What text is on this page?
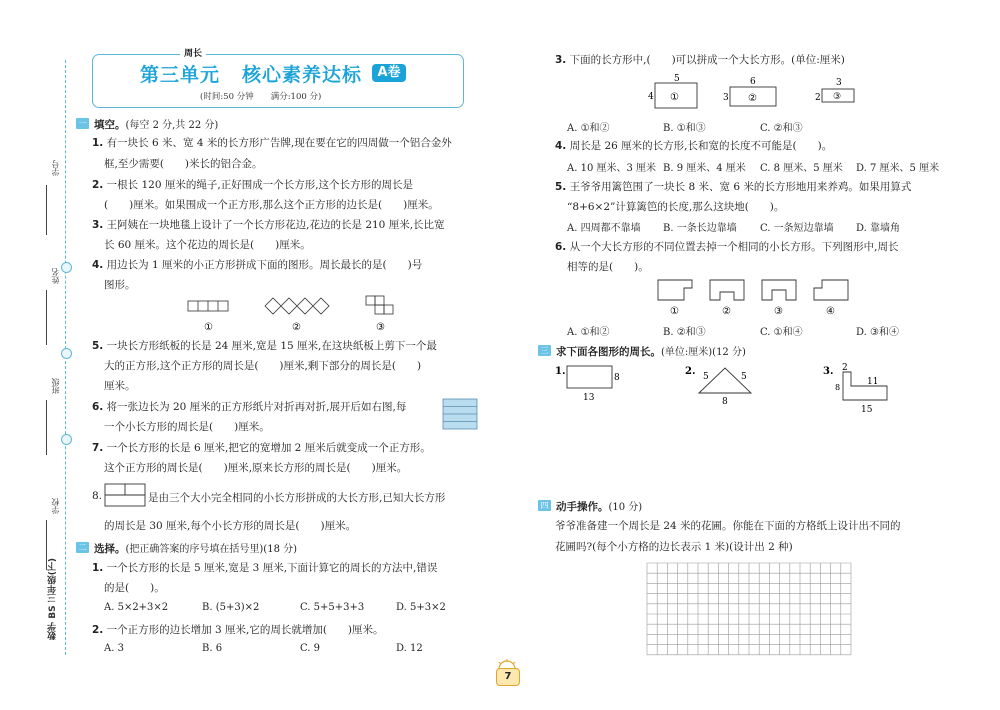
学号
姓名
班级
学校
数学 BS 三年级(下)
周长
第三单元 核心素养达标	A卷
(时间:50 分钟　　满分:100 分)
一 填空。(每空 2 分,共 22 分)
1. 有一块长 6 米、宽 4 米的长方形广告牌,现在要在它的四周做一个铝合金外
框,至少需要(　　)米长的铝合金。
2. 一根长 120 厘米的绳子,正好围成一个长方形,这个长方形的周长是
(　　)厘米。如果围成一个正方形,那么这个正方形的边长是(　　)厘米。
3. 王阿姨在一块地毯上设计了一个长方形花边,花边的长是 210 厘米,长比宽
长 60 厘米。这个花边的周长是(　　)厘米。
4. 用边长为 1 厘米的小正方形拼成下面的图形。周长最长的是(　　)号
图形。
①	②	③
5. 一块长方形纸板的长是 24 厘米,宽是 15 厘米,在这块纸板上剪下一个最
大的正方形,这个正方形的周长是(　　)厘米,剩下部分的周长是(　　)
厘米。
6. 将一张边长为 20 厘米的正方形纸片对折再对折,展开后如右图,每
一个小长方形的周长是(　　)厘米。
7. 一个长方形的长是 6 厘米,把它的宽增加 2 厘米后就变成一个正方形。
这个正方形的周长是(　　)厘米,原来长方形的周长是(　　)厘米。
8.	是由三个大小完全相同的小长方形拼成的大长方形,已知大长方形
的周长是 30 厘米,每个小长方形的周长是(　　)厘米。
二 选择。(把正确答案的序号填在括号里)(18 分)
1. 一个长方形的长是 5 厘米,宽是 3 厘米,下面计算它的周长的方法中,错误
的是(　　)。
A. 5×2+3×2	B. (5+3)×2	C. 5+5+3+3	D. 5+3×2
2. 一个正方形的边长增加 3 厘米,它的周长就增加(　　)厘米。
A. 3	B. 6	C. 9	D. 12
3. 下面的长方形中,(　　)可以拼成一个大长方形。(单位:厘米)
5
4 ①
6
3 ②
3
2 ③
A. ①和②	B. ①和③	C. ②和③
4. 周长是 26 厘米的长方形,长和宽的长度不可能是(　　)。
A. 10 厘米、3 厘米 B. 9 厘米、4 厘米 C. 8 厘米、5 厘米 D. 7 厘米、5 厘米
5. 王爷爷用篱笆围了一块长 8 米、宽 6 米的长方形地用来养鸡。如果用算式
“8+6×2”计算篱笆的长度,那么这块地(　　)。
A. 四周都不靠墙 B. 一条长边靠墙 C. 一条短边靠墙 D. 靠墙角
6. 从一个大长方形的不同位置去掉一个相同的小长方形。下列图形中,周长
相等的是(　　)。
①	②	③	④
A. ①和②	B. ②和③	C. ①和④	D. ③和④
三 求下面各图形的周长。(单位:厘米)(12 分)
1.
8
13
2. 5	5
8
3. 2
11
8
15
四 动手操作。(10 分)
爷爷准备建一个周长是 24 米的花圃。你能在下面的方格纸上设计出不同的
花圃吗?(每个小方格的边长表示 1 米)(设计出 2 种)
7
